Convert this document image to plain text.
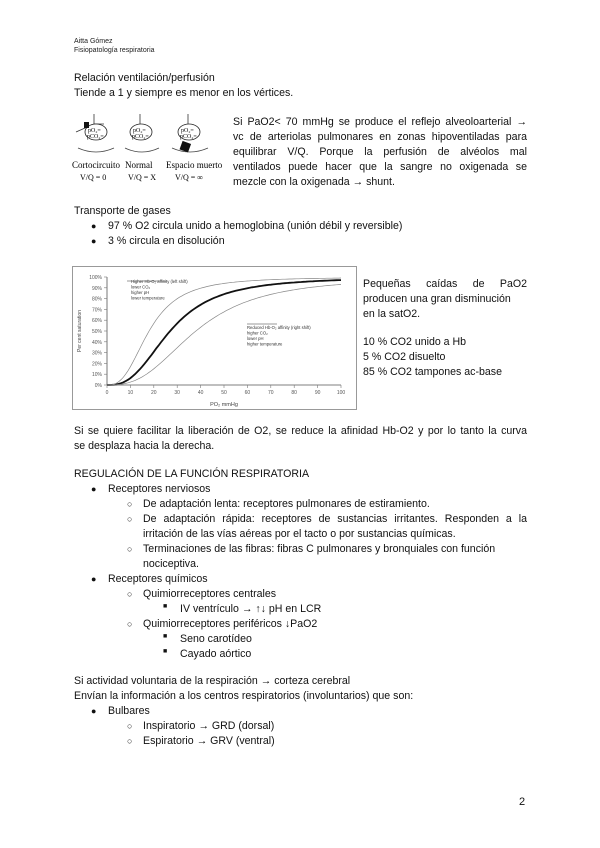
Aitta Gómez
Fisiopatología respiratoria
Relación ventilación/perfusión
Tiende a 1 y siempre es menor en los vértices.
pO₂=
pCO₂=
pO₂=
pCO₂=
pO₂=
pCO₂=
Cortocircuito Normal Espacio muerto
V/Q = 0	V/Q = X V/Q = ∞
Si PaO2< 70 mmHg se produce el reflejo alveoloarterial →
vc de arteriolas pulmonares en zonas hipoventiladas para
equilibrar V/Q. Porque la perfusión de alvéolos mal
ventilados puede hacer que la sangre no oxigenada se
mezcle con la oxigenada → shunt.
Transporte de gases
● 97 % O2 circula unido a hemoglobina (unión débil y reversible)
● 3 % circula en disolución
0%
10%
20%
30%
40%
50%
60%
70%
80%
90%
100%
0	10	20	30	40	50	60	70	80	90	100
PO₂ mmHg
Per cent saturation
Higher Hb-O₂ affinity (left shift)
lower CO₂
higher pH
lower temperature
Reduced Hb-O₂ affinity (right shift)
higher CO₂
lower pH
higher temperature
Pequeñas caídas de PaO2
producen una gran disminución
en la satO2.
10 % CO2 unido a Hb
5 % CO2 disuelto
85 % CO2 tampones ac-base
Si se quiere facilitar la liberación de O2, se reduce la afinidad Hb-O2 y por lo tanto la curva
se desplaza hacia la derecha.
REGULACIÓN DE LA FUNCIÓN RESPIRATORIA
● Receptores nerviosos
○ De adaptación lenta: receptores pulmonares de estiramiento.
○ De adaptación rápida: receptores de sustancias irritantes. Responden a la
irritación de las vías aéreas por el tacto o por sustancias químicas.
○ Terminaciones de las fibras: fibras C pulmonares y bronquiales con función
nociceptiva.
● Receptores químicos
○ Quimiorreceptores centrales
■ IV ventrículo → ↑↓ pH en LCR
○ Quimiorreceptores periféricos ↓PaO2
■ Seno carotídeo
■ Cayado aórtico
Si actividad voluntaria de la respiración → corteza cerebral
Envían la información a los centros respiratorios (involuntarios) que son:
● Bulbares
○ Inspiratorio → GRD (dorsal)
○ Espiratorio → GRV (ventral)
2
